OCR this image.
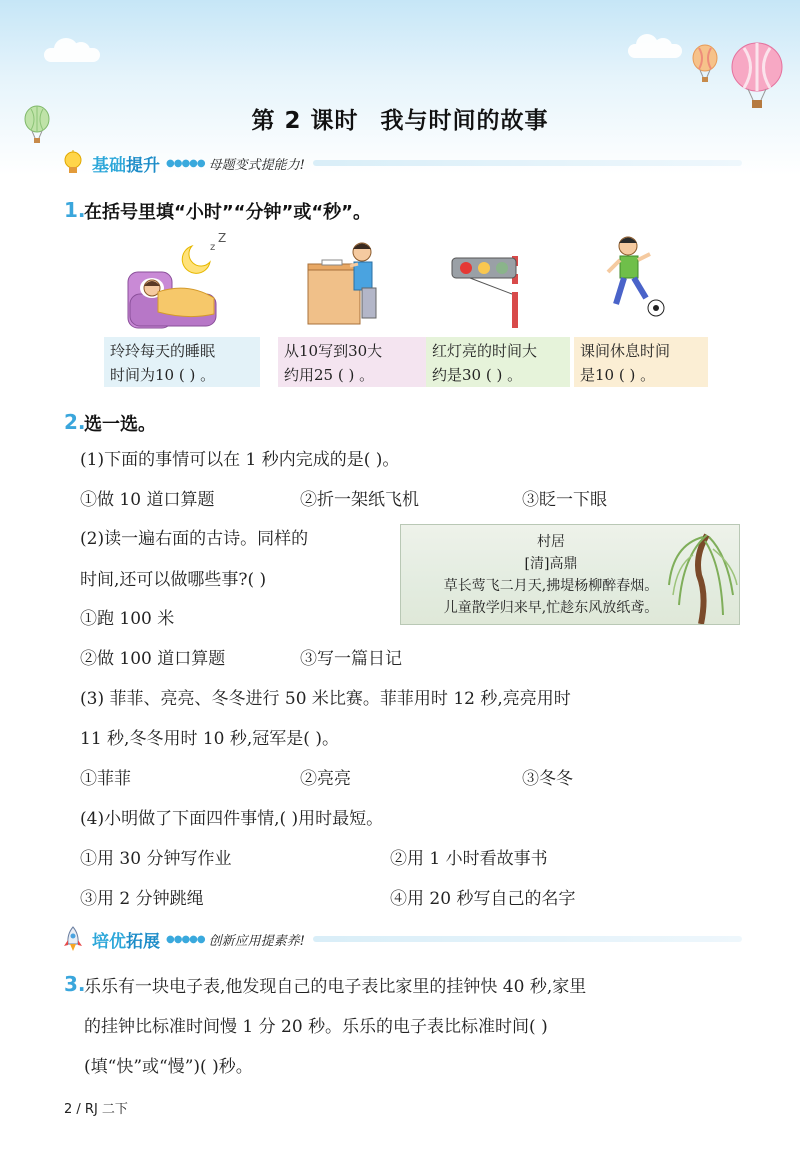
第 2 课时 我与时间的故事
基础提升 ●●●●● 母题变式提能力!
1.
在括号里填“小时”“分钟”或“秒”。
z
Z
玲玲每天的睡眠
时间为10 ( ) 。
从10写到30大
约用25 ( ) 。
红灯亮的时间大
约是30 ( ) 。
课间休息时间
是10 ( ) 。
2.
选一选。
(1)下面的事情可以在 1 秒内完成的是( )。
①做 10 道口算题	②折一架纸飞机	③眨一下眼
(2)读一遍右面的古诗。同样的
时间,还可以做哪些事?( )
①跑 100 米
②做 100 道口算题	③写一篇日记
村居
[清]高鼎
草长莺飞二月天,拂堤杨柳醉春烟。
儿童散学归来早,忙趁东风放纸鸢。
(3) 菲菲、亮亮、冬冬进行 50 米比赛。菲菲用时 12 秒,亮亮用时
11 秒,冬冬用时 10 秒,冠军是( )。
①菲菲	②亮亮	③冬冬
(4)小明做了下面四件事情,( )用时最短。
①用 30 分钟写作业	②用 1 小时看故事书
③用 2 分钟跳绳	④用 20 秒写自己的名字
培优拓展 ●●●●● 创新应用提素养!
3.
乐乐有一块电子表,他发现自己的电子表比家里的挂钟快 40 秒,家里
的挂钟比标准时间慢 1 分 20 秒。乐乐的电子表比标准时间( )
(填“快”或“慢”)( )秒。
2 / RJ 二下
